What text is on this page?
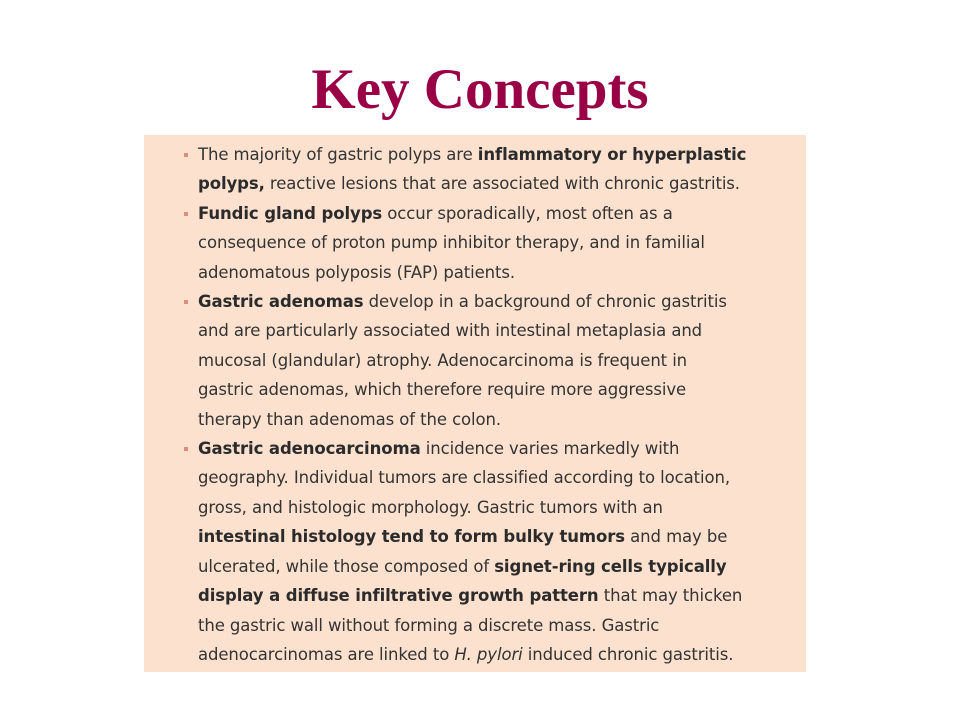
Key Concepts
The majority of gastric polyps are inflammatory or hyperplastic
polyps, reactive lesions that are associated with chronic gastritis.
Fundic gland polyps occur sporadically, most often as a
consequence of proton pump inhibitor therapy, and in familial
adenomatous polyposis (FAP) patients.
Gastric adenomas develop in a background of chronic gastritis
and are particularly associated with intestinal metaplasia and
mucosal (glandular) atrophy. Adenocarcinoma is frequent in
gastric adenomas, which therefore require more aggressive
therapy than adenomas of the colon.
Gastric adenocarcinoma incidence varies markedly with
geography. Individual tumors are classified according to location,
gross, and histologic morphology. Gastric tumors with an
intestinal histology tend to form bulky tumors and may be
ulcerated, while those composed of signet-ring cells typically
display a diffuse infiltrative growth pattern that may thicken
the gastric wall without forming a discrete mass. Gastric
adenocarcinomas are linked to H. pylori induced chronic gastritis.
